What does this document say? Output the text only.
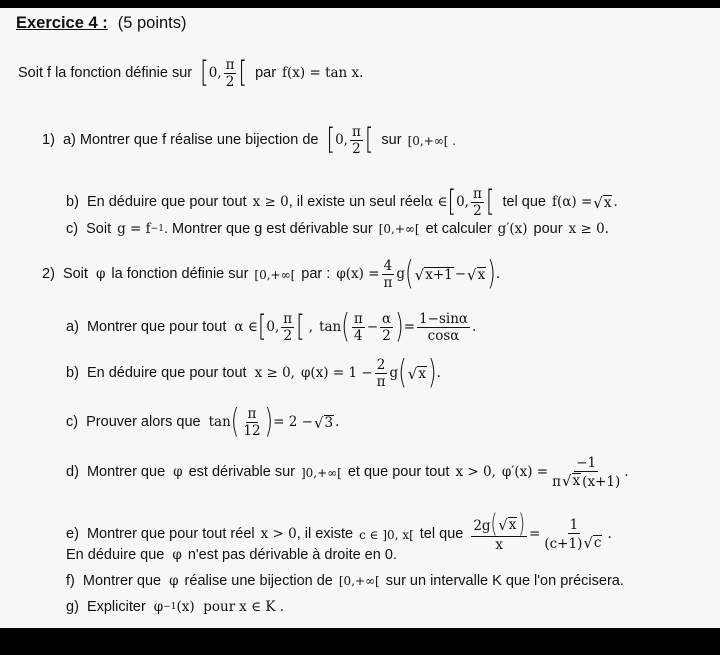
Exercice 4 : (5 points)
Soit f la fonction définie sur [ 0, $\frac{\pi}{2}$ [ par f(x) = tan x.
1)  a) Montrer que f réalise une bijection de [ 0, $\frac{\pi}{2}$ [ sur [0,+∞[ .
b)  En déduire que pour tout x ≥ 0 , il existe un seul réel α ∈ [ 0, $\frac{\pi}{2}$ [ tel que f(α) = √ x .
c)  Soit g = f −1 . Montrer que g est dérivable sur [0,+∞[ et calculer g′(x) pour x ≥ 0.
2)  Soit φ la fonction définie sur [0,+∞[ par : $\varphi(x) = \frac{4}{\pi}$ g ( √ x+1 − √ x ) .
a)  Montrer que pour tout α ∈ [ 0, $\frac{\pi}{2}$ [ , tan ( $\frac{\pi}{4} - \frac{\alpha}{2}$ ) = $\frac{1-\sin\alpha}{\cos\alpha}$ .
b)  En déduire que pour tout x ≥ 0, $\varphi(x) = 1 - \frac{2}{\pi}$ g ( √ x ) .
c)  Prouver alors que tan ( $\frac{\pi}{12}$ ) = 2 − √ 3 .
d)  Montrer que φ est dérivable sur ]0,+∞[ et que pour tout x > 0, $\varphi'(x) = \frac{-1}{\pi √ x (x+1)}$ .
e)  Montrer que pour tout réel x > 0 , il existe c ∈ ]0, x[ tel que $\frac{2g( √ x )}{x} = \frac{1}{(c+1) √ c}$ .
En déduire que φ n'est pas dérivable à droite en 0.
f)  Montrer que φ réalise une bijection de [0,+∞[ sur un intervalle K que l'on précisera.
g)  Expliciter φ −1 (x)  pour x ∈ K .
